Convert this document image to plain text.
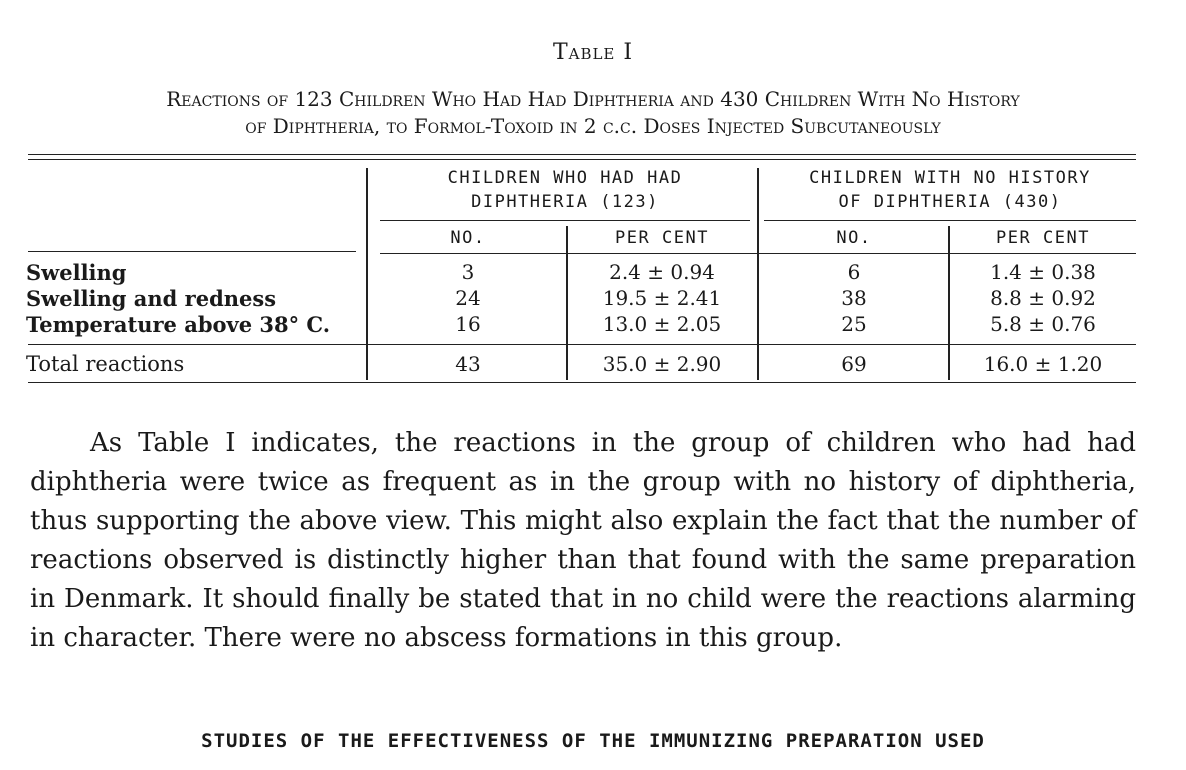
Table I
Reactions of 123 Children Who Had Had Diphtheria and 430 Children With No History
of Diphtheria, to Formol-Toxoid in 2 c.c. Doses Injected Subcutaneously
CHILDREN WHO HAD HAD
DIPHTHERIA (123)
CHILDREN WITH NO HISTORY
OF DIPHTHERIA (430)
NO.	PER CENT	NO.	PER CENT
Swelling	3	2.4 ± 0.94	6	1.4 ± 0.38
Swelling and redness	24	19.5 ± 2.41	38	8.8 ± 0.92
Temperature above 38° C.	16	13.0 ± 2.05	25	5.8 ± 0.76
Total reactions	43	35.0 ± 2.90	69	16.0 ± 1.20

As Table I indicates, the reactions in the group of children who had had diphtheria were twice as frequent as in the group with no history of diphtheria, thus supporting the above view. This might also explain the fact that the number of reactions observed is distinctly higher than that found with the same preparation in Denmark. It should finally be stated that in no child were the reactions alarming in character. There were no abscess formations in this group.

STUDIES OF THE EFFECTIVENESS OF THE IMMUNIZING PREPARATION USED
